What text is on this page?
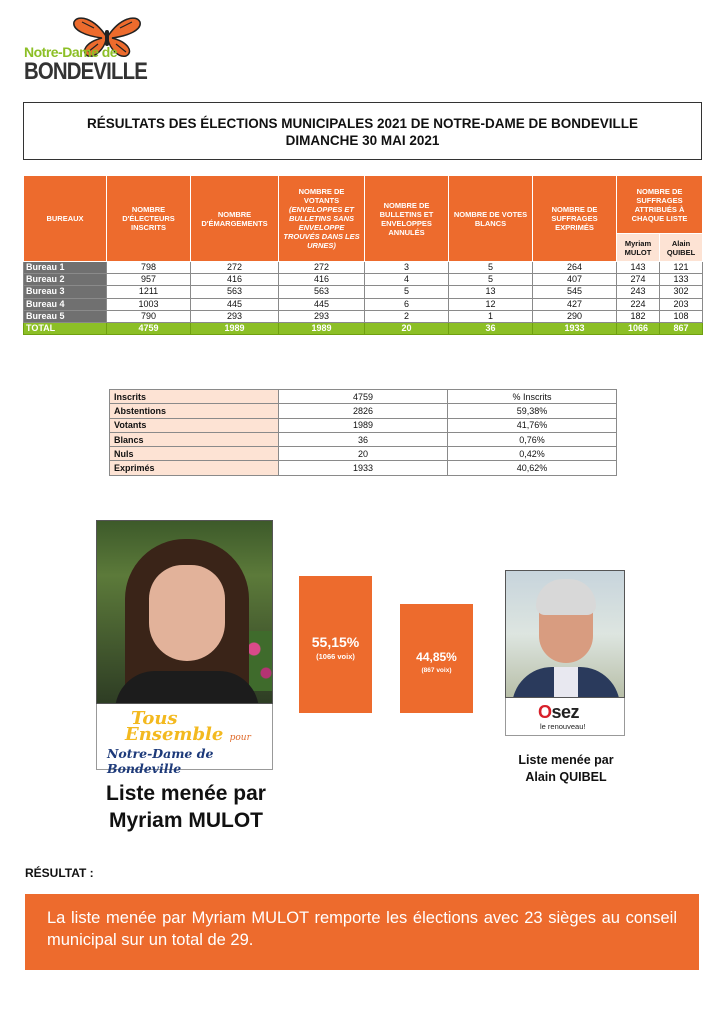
Notre-Dame de
BONDEVILLE
RÉSULTATS DES ÉLECTIONS MUNICIPALES 2021 DE NOTRE-DAME DE BONDEVILLE
DIMANCHE 30 MAI 2021
BUREAUX	NOMBRE D'ÉLECTEURS INSCRITS	NOMBRE D'ÉMARGEMENTS	NOMBRE DE VOTANTS
(ENVELOPPES ET BULLETINS SANS ENVELOPPE TROUVÉS DANS LES URNES)	NOMBRE DE BULLETINS ET ENVELOPPES ANNULÉS	NOMBRE DE VOTES BLANCS	NOMBRE DE SUFFRAGES EXPRIMÉS	NOMBRE DE SUFFRAGES ATTRIBUÉS À CHAQUE LISTE	
							Myriam MULOT	Alain QUIBEL
Bureau 1	798	272	272	3	5	264	143	121
Bureau 2	957	416	416	4	5	407	274	133
Bureau 3	1211	563	563	5	13	545	243	302
Bureau 4	1003	445	445	6	12	427	224	203
Bureau 5	790	293	293	2	1	290	182	108
TOTAL	4759	1989	1989	20	36	1933	1066	867
Inscrits	4759	% Inscrits
Abstentions	2826	59,38%
Votants	1989	41,76%
Blancs	36	0,76%
Nuls	20	0,42%
Exprimés	1933	40,62%
Tous
Ensemble pour
Notre-Dame de Bondeville
Liste menée par
Myriam MULOT
55,15%
(1066 voix)	44,85%
(867 voix)
Osez
le renouveau!
Liste menée par
Alain QUIBEL
RÉSULTAT :
La liste menée par Myriam MULOT remporte les élections avec 23 sièges au conseil municipal sur un total de 29.
